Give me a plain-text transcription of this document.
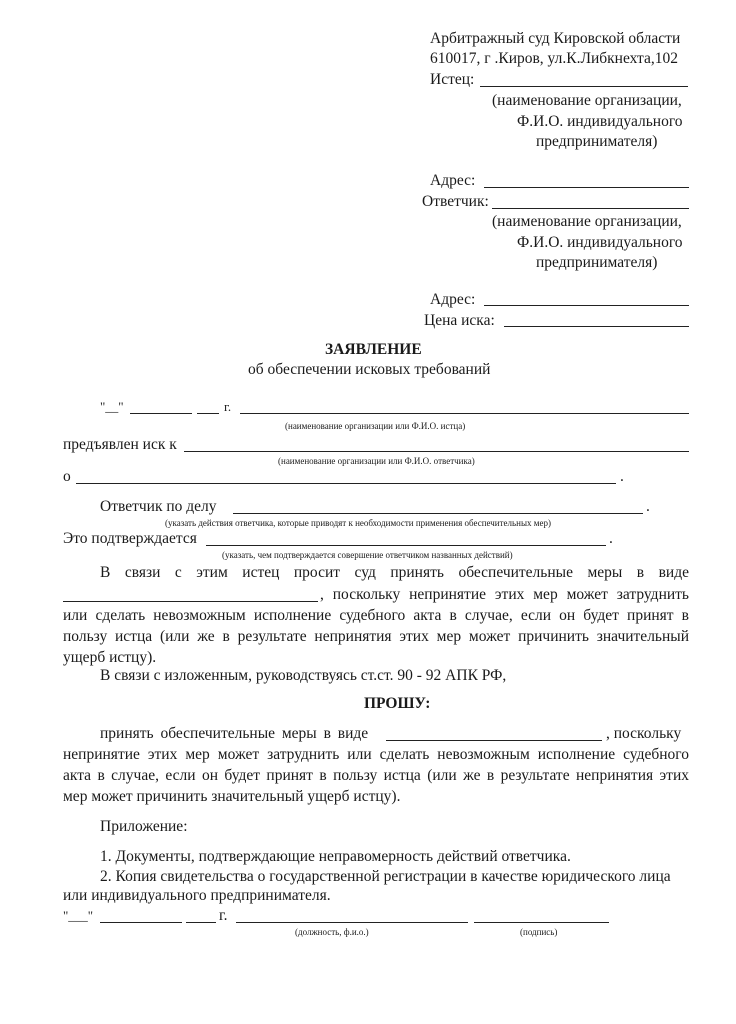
Арбитражный суд Кировской области
610017, г .Киров, ул.К.Либкнехта,102
Истец:
(наименование организации,
Ф.И.О. индивидуального
предпринимателя)
Адрес:
Ответчик:
(наименование организации,
Ф.И.О. индивидуального
предпринимателя)
Адрес:
Цена иска:
ЗАЯВЛЕНИЕ
об обеспечении исковых требований
"__"	г.
(наименование организации или Ф.И.О. истца)
предъявлен иск к
(наименование организации или Ф.И.О. ответчика)
о	.
Ответчик по делу	.
(указать действия ответчика, которые приводят к необходимости применения обеспечительных мер)
Это подтверждается	.
(указать, чем подтверждается совершение ответчиком названных действий)
В связи с этим истец просит суд принять обеспечительные меры в виде
, поскольку непринятие этих мер может затруднить
или сделать невозможным исполнение судебного акта в случае, если он будет принят в
пользу истца (или же в результате непринятия этих мер может причинить значительный
ущерб истцу).
В связи с изложенным, руководствуясь ст.ст. 90 - 92 АПК РФ,
ПРОШУ:
принять обеспечительные меры в виде	, поскольку
непринятие этих мер может затруднить или сделать невозможным исполнение судебного
акта в случае, если он будет принят в пользу истца (или же в результате непринятия этих
мер может причинить значительный ущерб истцу).
Приложение:
1. Документы, подтверждающие неправомерность действий ответчика.
2. Копия свидетельства о государственной регистрации в качестве юридического лица
или индивидуального предпринимателя.
"___"	г.
(должность, ф.и.о.)	(подпись)
